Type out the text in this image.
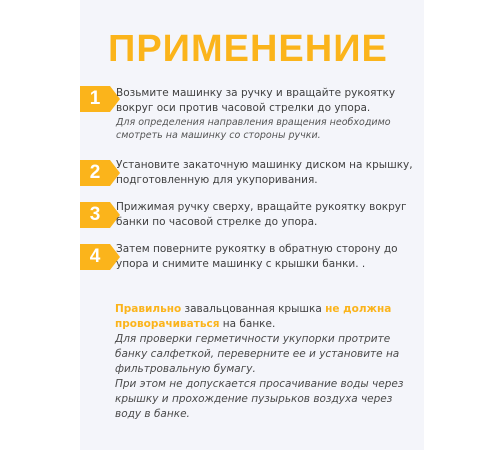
ПРИМЕНЕНИЕ
1	Возьмите машинку за ручку и вращайте рукоятку вокруг оси против часовой стрелки до упора.
Для определения направления вращения необходимо смотреть на машинку со стороны ручки.
2	Установите закаточную машинку диском на крышку, подготовленную для укупоривания.
3	Прижимая ручку сверху, вращайте рукоятку вокруг банки по часовой стрелке до упора.
4	Затем поверните рукоятку в обратную сторону до упора и снимите машинку с крышки банки. .
Правильно завальцованная крышка не должна проворачиваться на банке.
Для проверки герметичности укупорки протрите банку салфеткой, переверните ее и установите на фильтровальную бумагу.
При этом не допускается просачивание воды через крышку и прохождение пузырьков воздуха через воду в банке.
